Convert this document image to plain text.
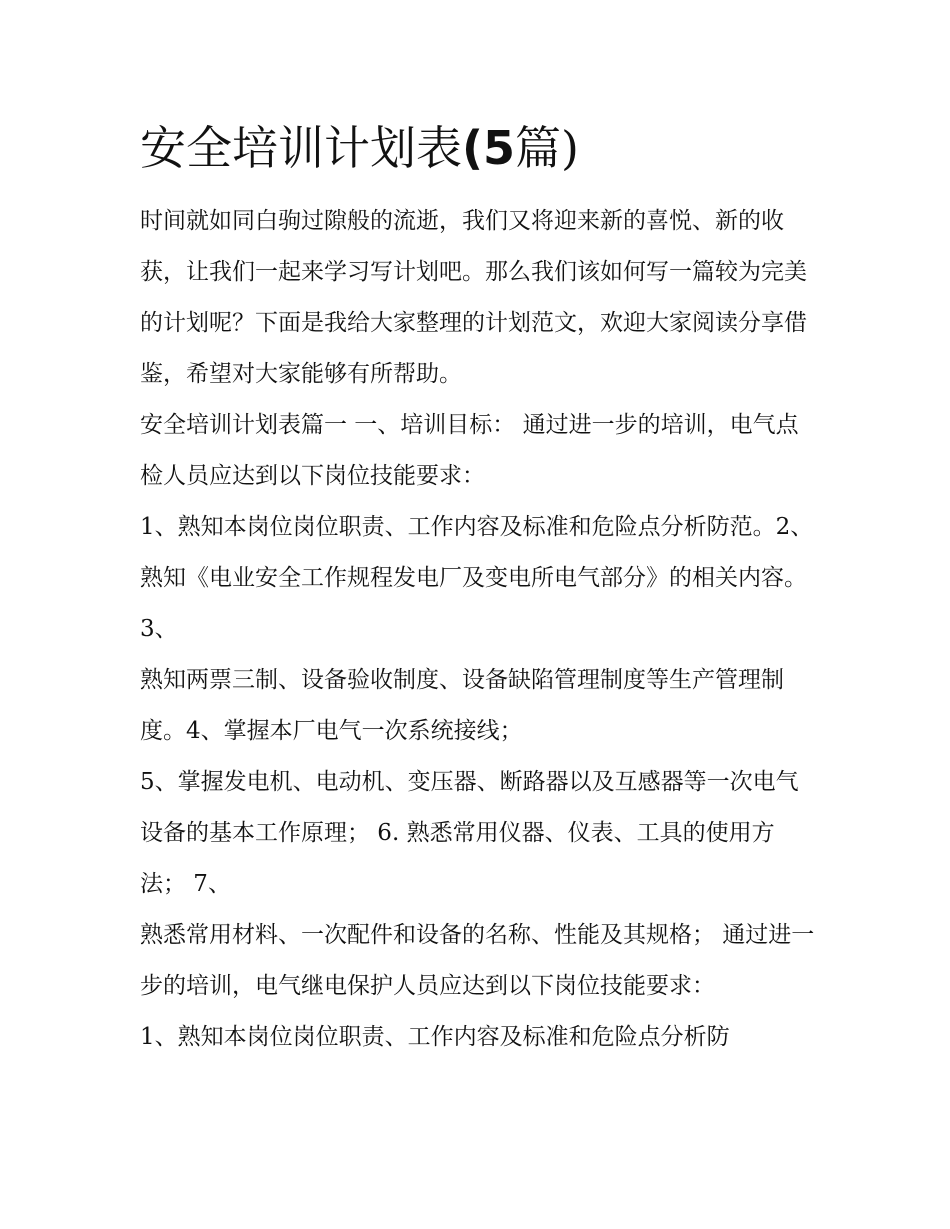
安全培训计划表(5篇)

时间就如同白驹过隙般的流逝，我们又将迎来新的喜悦、新的收获，让我们一起来学习写计划吧。那么我们该如何写一篇较为完美的计划呢？下面是我给大家整理的计划范文，欢迎大家阅读分享借鉴，希望对大家能够有所帮助。

安全培训计划表篇一 一、培训目标： 通过进一步的培训，电气点检人员应达到以下岗位技能要求：

1、熟知本岗位岗位职责、工作内容及标准和危险点分析防范。2、熟知《电业安全工作规程发电厂及变电所电气部分》的相关内容。3、

熟知两票三制、设备验收制度、设备缺陷管理制度等生产管理制度。4、掌握本厂电气一次系统接线；

5、掌握发电机、电动机、变压器、断路器以及互感器等一次电气设备的基本工作原理； 6. 熟悉常用仪器、仪表、工具的使用方法； 7、

熟悉常用材料、一次配件和设备的名称、性能及其规格； 通过进一步的培训，电气继电保护人员应达到以下岗位技能要求：

1、熟知本岗位岗位职责、工作内容及标准和危险点分析防
